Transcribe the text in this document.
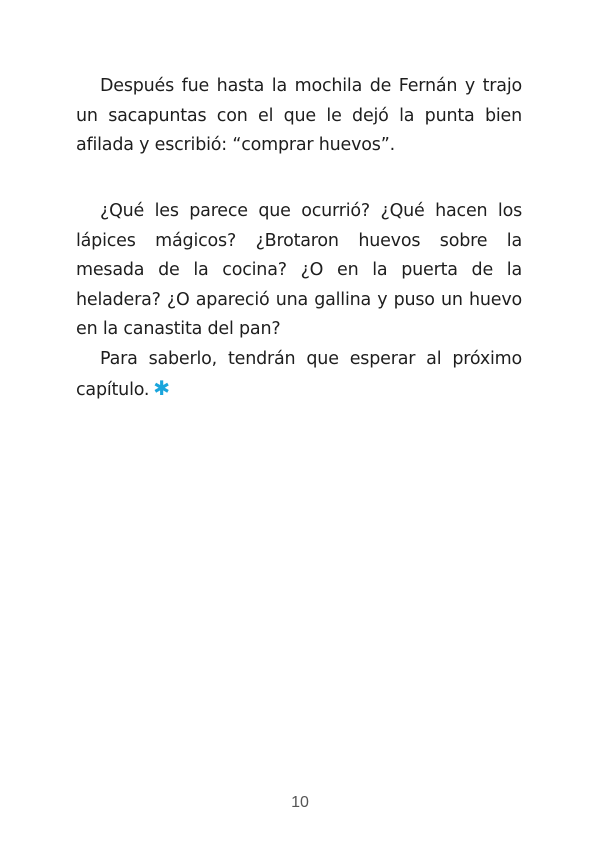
Después fue hasta la mochila de Fernán y trajo un sacapuntas con el que le dejó la punta bien afilada y escribió: “comprar huevos”.

¿Qué les parece que ocurrió? ¿Qué hacen los lápices mágicos? ¿Brotaron huevos sobre la mesada de la cocina? ¿O en la puerta de la heladera? ¿O apareció una gallina y puso un huevo en la canastita del pan?

Para saberlo, tendrán que esperar al próximo capítulo. ✱

10
